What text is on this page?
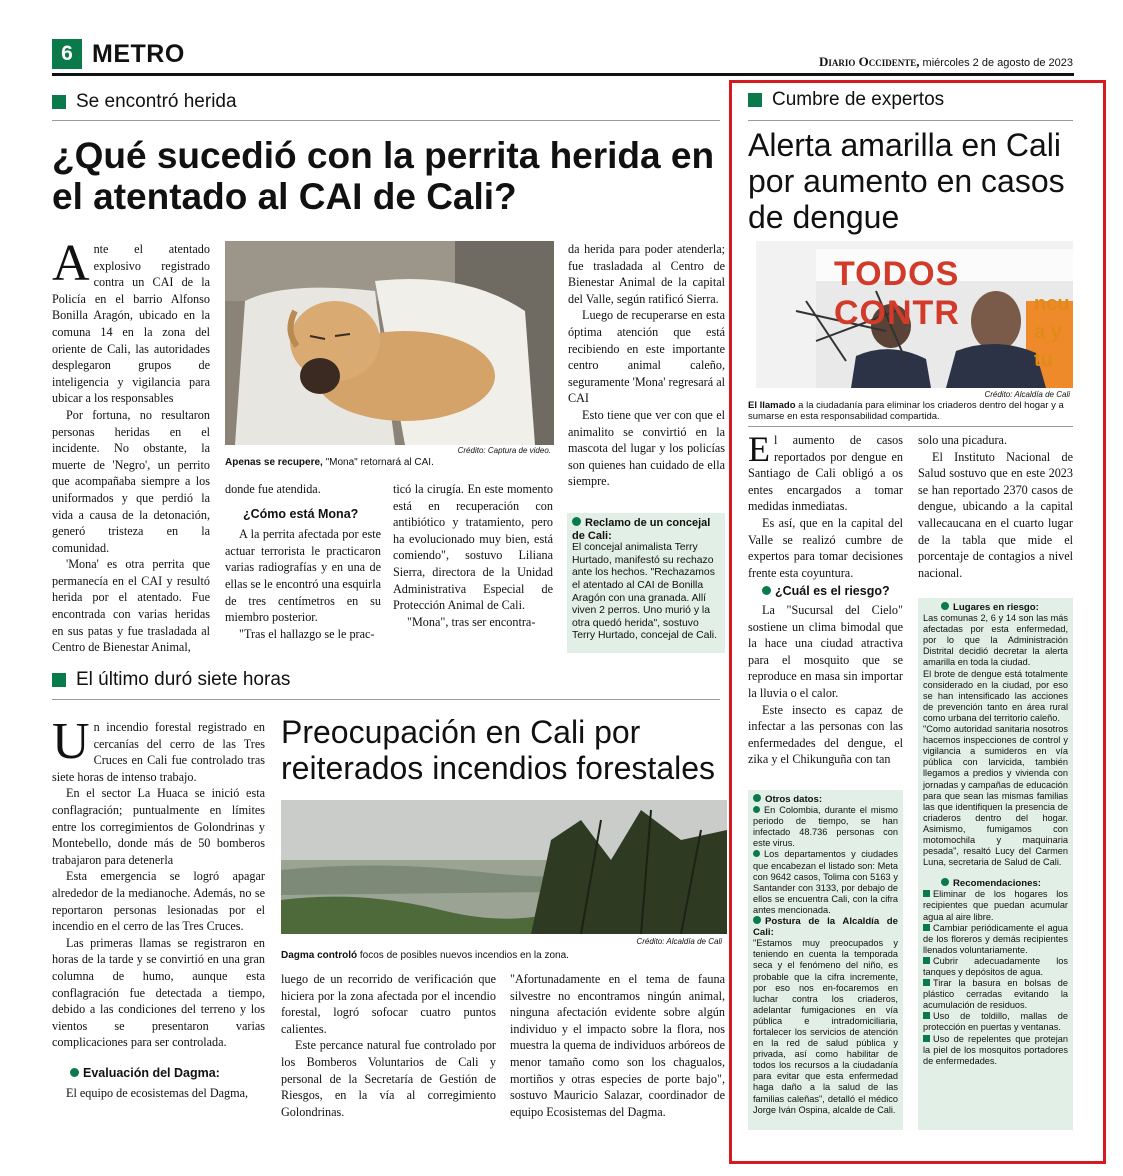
6 METRO	Diario Occidente, miércoles 2 de agosto de 2023
Se encontró herida
¿Qué sucedió con la perrita herida en el atentado al CAI de Cali?

Ante el atentado explosivo registrado contra un CAI de la Policía en el barrio Alfonso Bonilla Aragón, ubicado en la comuna 14 en la zona del oriente de Cali, las autoridades desplegaron grupos de inteligencia y vigilancia para ubicar a los responsables

Por fortuna, no resultaron personas heridas en el incidente. No obstante, la muerte de 'Negro', un perrito que acompañaba siempre a los uniformados y que perdió la vida a causa de la detonación, generó tristeza en la comunidad.

'Mona' es otra perrita que permanecía en el CAI y resultó herida por el atentado. Fue encontrada con varias heridas en sus patas y fue trasladada al Centro de Bienestar Animal,

Crédito: Captura de video.
Apenas se recupere, "Mona" retornará al CAI.

donde fue atendida.

¿Cómo está Mona?

A la perrita afectada por este actuar terrorista le practicaron varias radiografías y en una de ellas se le encontró una esquirla de tres centímetros en su miembro posterior.

"Tras el hallazgo se le prac-

ticó la cirugía. En este momento está en recuperación con antibiótico y tratamiento, pero ha evolucionado muy bien, está comiendo", sostuvo Liliana Sierra, directora de la Unidad Administrativa Especial de Protección Animal de Cali.

"Mona", tras ser encontra-

da herida para poder atenderla; fue trasladada al Centro de Bienestar Animal de la capital del Valle, según ratificó Sierra.

Luego de recuperarse en esta óptima atención que está recibiendo en este importante centro animal caleño, seguramente 'Mona' regresará al CAI

Esto tiene que ver con que el animalito se convirtió en la mascota del lugar y los policías son quienes han cuidado de ella siempre.

Reclamo de un concejal de Cali:

El concejal animalista Terry Hurtado, manifestó su rechazo ante los hechos. "Rechazamos el atentado al CAI de Bonilla Aragón con una granada. Allí viven 2 perros. Uno murió y la otra quedó herida", sostuvo Terry Hurtado, concejal de Cali.

El último duró siete horas

Un incendio forestal registrado en cercanías del cerro de las Tres Cruces en Cali fue controlado tras siete horas de intenso trabajo.

En el sector La Huaca se inició esta conflagración; puntualmente en límites entre los corregimientos de Golondrinas y Montebello, donde más de 50 bomberos trabajaron para detenerla

Esta emergencia se logró apagar alrededor de la medianoche. Además, no se reportaron personas lesionadas por el incendio en el cerro de las Tres Cruces.

Las primeras llamas se registraron en horas de la tarde y se convirtió en una gran columna de humo, aunque esta conflagración fue detectada a tiempo, debido a las condiciones del terreno y los vientos se presentaron varias complicaciones para ser controlada.

Evaluación del Dagma:

El equipo de ecosistemas del Dagma,

Preocupación en Cali por reiterados incendios forestales
Crédito: Alcaldía de Cali
Dagma controló focos de posibles nuevos incendios en la zona.

luego de un recorrido de verificación que hiciera por la zona afectada por el incendio forestal, logró sofocar cuatro puntos calientes.

Este percance natural fue controlado por los Bomberos Voluntarios de Cali y personal de la Secretaría de Gestión de Riesgos, en la vía al corregimiento Golondrinas.

"Afortunadamente en el tema de fauna silvestre no encontramos ningún animal, ninguna afectación evidente sobre algún individuo y el impacto sobre la flora, nos muestra la quema de individuos arbóreos de menor tamaño como son los chagualos, mortiños y otras especies de porte bajo", sostuvo Mauricio Salazar, coordinador de equipo Ecosistemas del Dagma.

Cumbre de expertos
Alerta amarilla en Cali por aumento en casos de dengue
TODOS CONTR	ncu
a y
tu
Crédito: Alcaldía de Cali
El llamado a la ciudadanía para eliminar los criaderos dentro del hogar y a sumarse en esta responsabilidad compartida.

El aumento de casos reportados por dengue en Santiago de Cali obligó a os entes encargados a tomar medidas inmediatas.

Es así, que en la capital del Valle se realizó cumbre de expertos para tomar decisiones frente esta coyuntura.

¿Cuál es el riesgo?

La "Sucursal del Cielo" sostiene un clima bimodal que la hace una ciudad atractiva para el mosquito que se reproduce en masa sin importar la lluvia o el calor.

Este insecto es capaz de infectar a las personas con las enfermedades del dengue, el zika y el Chikunguña con tan

solo una picadura.

El Instituto Nacional de Salud sostuvo que en este 2023 se han reportado 2370 casos de dengue, ubicando a la capital vallecaucana en el cuarto lugar de la tabla que mide el porcentaje de contagios a nivel nacional.

Otros datos:

En Colombia, durante el mismo periodo de tiempo, se han infectado 48.736 personas con este virus.

Los departamentos y ciudades que encabezan el listado son: Meta con 9642 casos, Tolima con 5163 y Santander con 3133, por debajo de ellos se encuentra Cali, con la cifra antes mencionada.

Postura de la Alcaldía de Cali:

"Estamos muy preocupados y teniendo en cuenta la temporada seca y el fenómeno del niño, es probable que la cifra incremente, por eso nos en-focaremos en luchar contra los criaderos, adelantar fumigaciones en vía pública e intradomiciliaria, fortalecer los servicios de atención en la red de salud pública y privada, así como habilitar de todos los recursos a la ciudadanía para evitar que esta enfermedad haga daño a la salud de las familias caleñas", detalló el médico Jorge Iván Ospina, alcalde de Cali.

Lugares en riesgo:

Las comunas 2, 6 y 14 son las más afectadas por esta enfermedad, por lo que la Administración Distrital decidió decretar la alerta amarilla en toda la ciudad.

El brote de dengue está totalmente considerado en la ciudad, por eso se han intensificado las acciones de prevención tanto en área rural como urbana del territorio caleño.

"Como autoridad sanitaria nosotros hacemos inspecciones de control y vigilancia a sumideros en vía pública con larvicida, también llegamos a predios y vivienda con jornadas y campañas de educación para que sean las mismas familias las que identifiquen la presencia de criaderos dentro del hogar. Asimismo, fumigamos con motomochila y maquinaria pesada", resaltó Lucy del Carmen Luna, secretaria de Salud de Cali.

Recomendaciones:

Eliminar de los hogares los recipientes que puedan acumular agua al aire libre.

Cambiar periódicamente el agua de los floreros y demás recipientes llenados voluntariamente.

Cubrir adecuadamente los tanques y depósitos de agua.

Tirar la basura en bolsas de plástico cerradas evitando la acumulación de residuos.

Uso de toldillo, mallas de protección en puertas y ventanas.

Uso de repelentes que protejan la piel de los mosquitos portadores de enfermedades.
